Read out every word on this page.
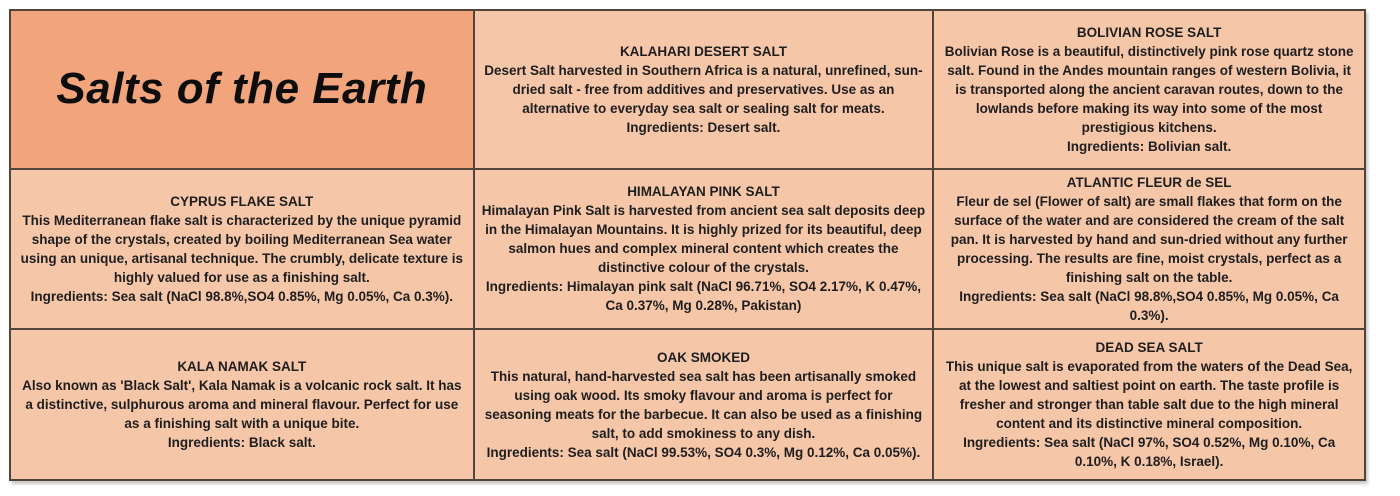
Salts of the Earth
KALAHARI DESERT SALT
Desert Salt harvested in Southern Africa is a natural, unrefined, sun-dried salt - free from additives and preservatives. Use as an alternative to everyday sea salt or sealing salt for meats.
Ingredients: Desert salt.
BOLIVIAN ROSE SALT
Bolivian Rose is a beautiful, distinctively pink rose quartz stone salt. Found in the Andes mountain ranges of western Bolivia, it is transported along the ancient caravan routes, down to the lowlands before making its way into some of the most prestigious kitchens.
Ingredients: Bolivian salt.
CYPRUS FLAKE SALT
This Mediterranean flake salt is characterized by the unique pyramid shape of the crystals, created by boiling Mediterranean Sea water using an unique, artisanal technique. The crumbly, delicate texture is highly valued for use as a finishing salt.
Ingredients: Sea salt (NaCl 98.8%,SO4 0.85%, Mg 0.05%, Ca 0.3%).
HIMALAYAN PINK SALT
Himalayan Pink Salt is harvested from ancient sea salt deposits deep in the Himalayan Mountains. It is highly prized for its beautiful, deep salmon hues and complex mineral content which creates the distinctive colour of the crystals.
Ingredients: Himalayan pink salt (NaCl 96.71%, SO4 2.17%, K 0.47%, Ca 0.37%, Mg 0.28%, Pakistan)
ATLANTIC FLEUR de SEL
Fleur de sel (Flower of salt) are small flakes that form on the surface of the water and are considered the cream of the salt pan. It is harvested by hand and sun-dried without any further processing. The results are fine, moist crystals, perfect as a finishing salt on the table.
Ingredients: Sea salt (NaCl 98.8%,SO4 0.85%, Mg 0.05%, Ca 0.3%).
KALA NAMAK SALT
Also known as 'Black Salt', Kala Namak is a volcanic rock salt. It has a distinctive, sulphurous aroma and mineral flavour. Perfect for use as a finishing salt with a unique bite.
Ingredients: Black salt.
OAK SMOKED
This natural, hand-harvested sea salt has been artisanally smoked using oak wood. Its smoky flavour and aroma is perfect for seasoning meats for the barbecue. It can also be used as a finishing salt, to add smokiness to any dish.
Ingredients: Sea salt (NaCl 99.53%, SO4 0.3%, Mg 0.12%, Ca 0.05%).
DEAD SEA SALT
This unique salt is evaporated from the waters of the Dead Sea, at the lowest and saltiest point on earth. The taste profile is fresher and stronger than table salt due to the high mineral content and its distinctive mineral composition.
Ingredients: Sea salt (NaCl 97%, SO4 0.52%, Mg 0.10%, Ca 0.10%, K 0.18%, Israel).
